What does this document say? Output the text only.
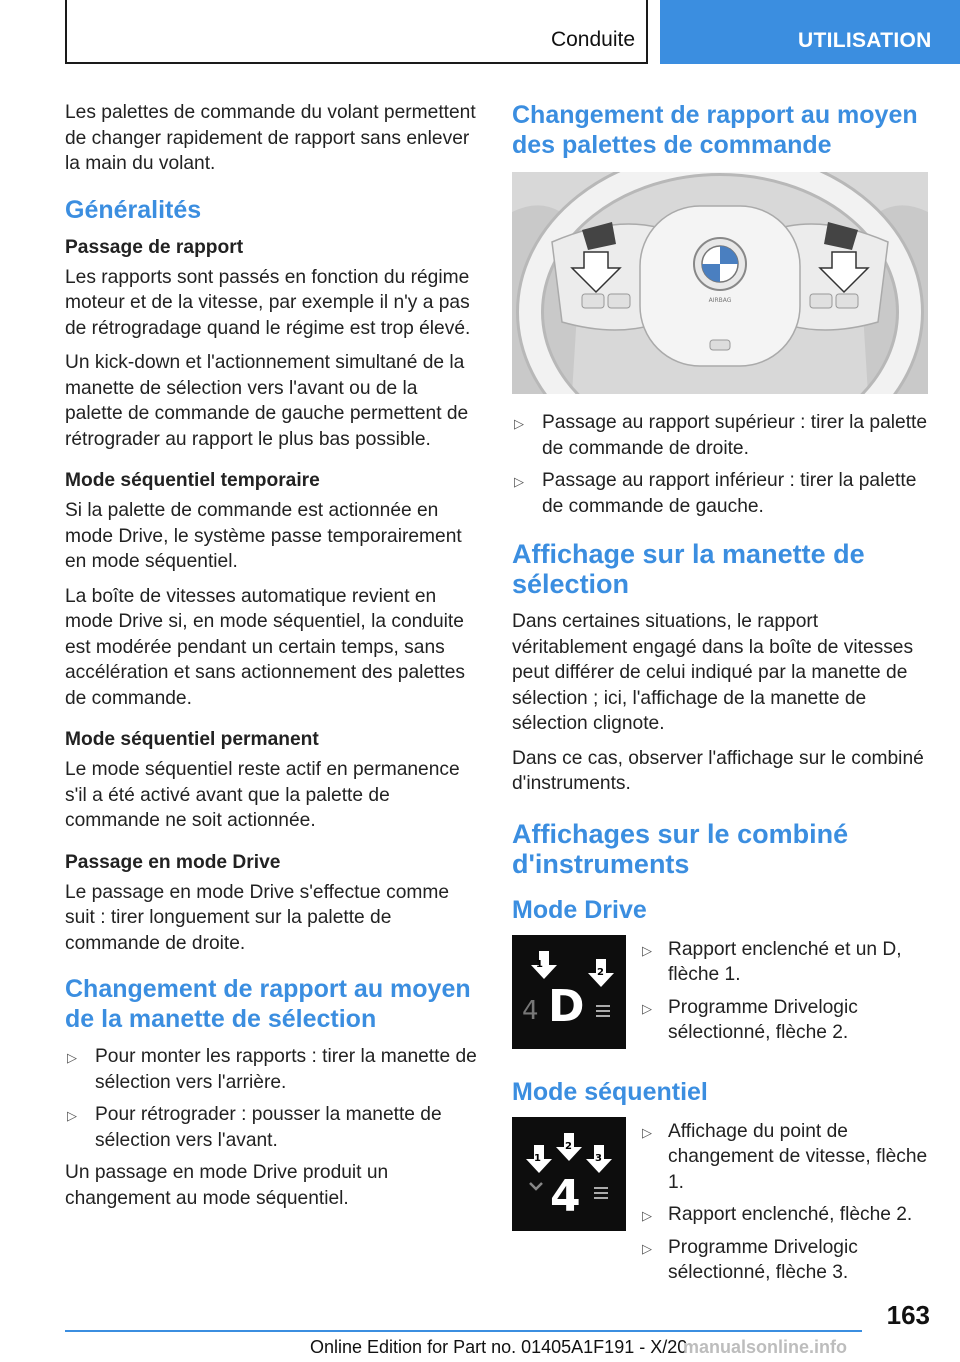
Conduite	UTILISATION

Les palettes de commande du volant permettent de changer rapidement de rapport sans enlever la main du volant.

Généralités
Passage de rapport

Les rapports sont passés en fonction du régime moteur et de la vitesse, par exemple il n'y a pas de rétrogradage quand le régime est trop élevé.

Un kick-down et l'actionnement simultané de la manette de sélection vers l'avant ou de la palette de commande de gauche permettent de rétrograder au rapport le plus bas possible.

Mode séquentiel temporaire

Si la palette de commande est actionnée en mode Drive, le système passe temporairement en mode séquentiel.

La boîte de vitesses automatique revient en mode Drive si, en mode séquentiel, la conduite est modérée pendant un certain temps, sans accélération et sans actionnement des palettes de commande.

Mode séquentiel permanent

Le mode séquentiel reste actif en permanence s'il a été activé avant que la palette de commande ne soit actionnée.

Passage en mode Drive

Le passage en mode Drive s'effectue comme suit : tirer longuement sur la palette de commande de droite.

Changement de rapport au moyen de la manette de sélection
▷ Pour monter les rapports : tirer la manette de sélection vers l'arrière.
▷ Pour rétrograder : pousser la manette de sélection vers l'avant.

Un passage en mode Drive produit un changement au mode séquentiel.

Changement de rapport au moyen des palettes de commande
AIRBAG
▷ Passage au rapport supérieur : tirer la palette de commande de droite.
▷ Passage au rapport inférieur : tirer la palette de commande de gauche.
Affichage sur la manette de sélection

Dans certaines situations, le rapport véritablement engagé dans la boîte de vitesses peut différer de celui indiqué par la manette de sélection ; ici, l'affichage de la manette de sélection clignote.

Dans ce cas, observer l'affichage sur le combiné d'instruments.

Affichages sur le combiné d'instruments
Mode Drive
1
2
4 D
▷ Rapport enclenché et un D, flèche 1.
▷ Programme Drivelogic sélectionné, flèche 2.
Mode séquentiel
1
2
3
4
▷ Affichage du point de changement de vitesse, flèche 1.
▷ Rapport enclenché, flèche 2.
▷ Programme Drivelogic sélectionné, flèche 3.
163
Online Edition for Part no. 01405A1F191 - X/20
manualsonline.info
